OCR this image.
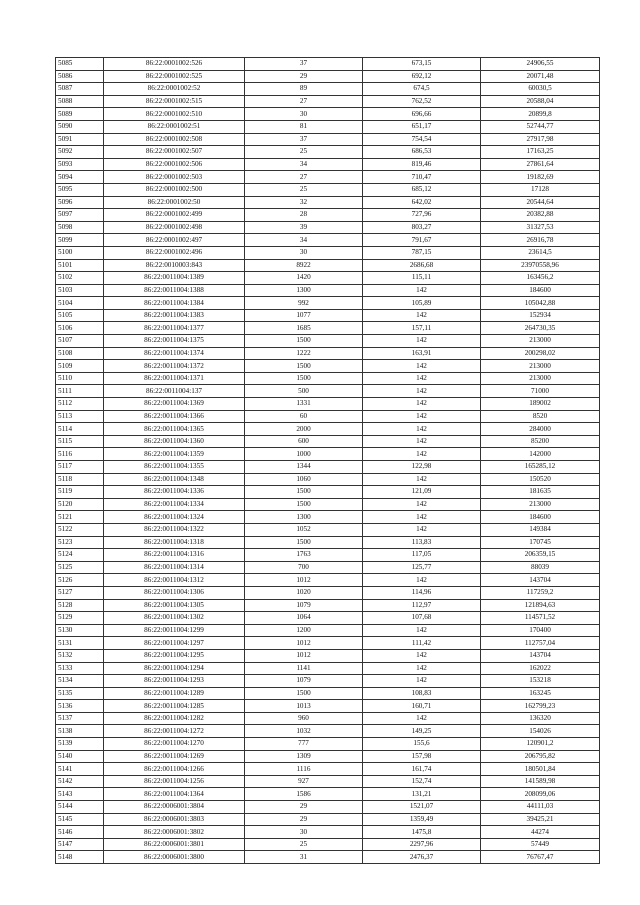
5085	86:22:0001002:526	37	673,15	24906,55
5086	86:22:0001002:525	29	692,12	20071,48
5087	86:22:0001002:52	89	674,5	60030,5
5088	86:22:0001002:515	27	762,52	20588,04
5089	86:22:0001002:510	30	696,66	20899,8
5090	86:22:0001002:51	81	651,17	52744,77
5091	86:22:0001002:508	37	754,54	27917,98
5092	86:22:0001002:507	25	686,53	17163,25
5093	86:22:0001002:506	34	819,46	27861,64
5094	86:22:0001002:503	27	710,47	19182,69
5095	86:22:0001002:500	25	685,12	17128
5096	86:22:0001002:50	32	642,02	20544,64
5097	86:22:0001002:499	28	727,96	20382,88
5098	86:22:0001002:498	39	803,27	31327,53
5099	86:22:0001002:497	34	791,67	26916,78
5100	86:22:0001002:496	30	787,15	23614,5
5101	86:22:0010003:843	8922	2686,68	23970558,96
5102	86:22:0011004:1389	1420	115,11	163456,2
5103	86:22:0011004:1388	1300	142	184600
5104	86:22:0011004:1384	992	105,89	105042,88
5105	86:22:0011004:1383	1077	142	152934
5106	86:22:0011004:1377	1685	157,11	264730,35
5107	86:22:0011004:1375	1500	142	213000
5108	86:22:0011004:1374	1222	163,91	200298,02
5109	86:22:0011004:1372	1500	142	213000
5110	86:22:0011004:1371	1500	142	213000
5111	86:22:0011004:137	500	142	71000
5112	86:22:0011004:1369	1331	142	189002
5113	86:22:0011004:1366	60	142	8520
5114	86:22:0011004:1365	2000	142	284000
5115	86:22:0011004:1360	600	142	85200
5116	86:22:0011004:1359	1000	142	142000
5117	86:22:0011004:1355	1344	122,98	165285,12
5118	86:22:0011004:1348	1060	142	150520
5119	86:22:0011004:1336	1500	121,09	181635
5120	86:22:0011004:1334	1500	142	213000
5121	86:22:0011004:1324	1300	142	184600
5122	86:22:0011004:1322	1052	142	149384
5123	86:22:0011004:1318	1500	113,83	170745
5124	86:22:0011004:1316	1763	117,05	206359,15
5125	86:22:0011004:1314	700	125,77	88039
5126	86:22:0011004:1312	1012	142	143704
5127	86:22:0011004:1306	1020	114,96	117259,2
5128	86:22:0011004:1305	1079	112,97	121894,63
5129	86:22:0011004:1302	1064	107,68	114571,52
5130	86:22:0011004:1299	1200	142	170400
5131	86:22:0011004:1297	1012	111,42	112757,04
5132	86:22:0011004:1295	1012	142	143704
5133	86:22:0011004:1294	1141	142	162022
5134	86:22:0011004:1293	1079	142	153218
5135	86:22:0011004:1289	1500	108,83	163245
5136	86:22:0011004:1285	1013	160,71	162799,23
5137	86:22:0011004:1282	960	142	136320
5138	86:22:0011004:1272	1032	149,25	154026
5139	86:22:0011004:1270	777	155,6	120901,2
5140	86:22:0011004:1269	1309	157,98	206795,82
5141	86:22:0011004:1266	1116	161,74	180501,84
5142	86:22:0011004:1256	927	152,74	141589,98
5143	86:22:0011004:1364	1586	131,21	208099,06
5144	86:22:0006001:3804	29	1521,07	44111,03
5145	86:22:0006001:3803	29	1359,49	39425,21
5146	86:22:0006001:3802	30	1475,8	44274
5147	86:22:0006001:3801	25	2297,96	57449
5148	86:22:0006001:3800	31	2476,37	76767,47
